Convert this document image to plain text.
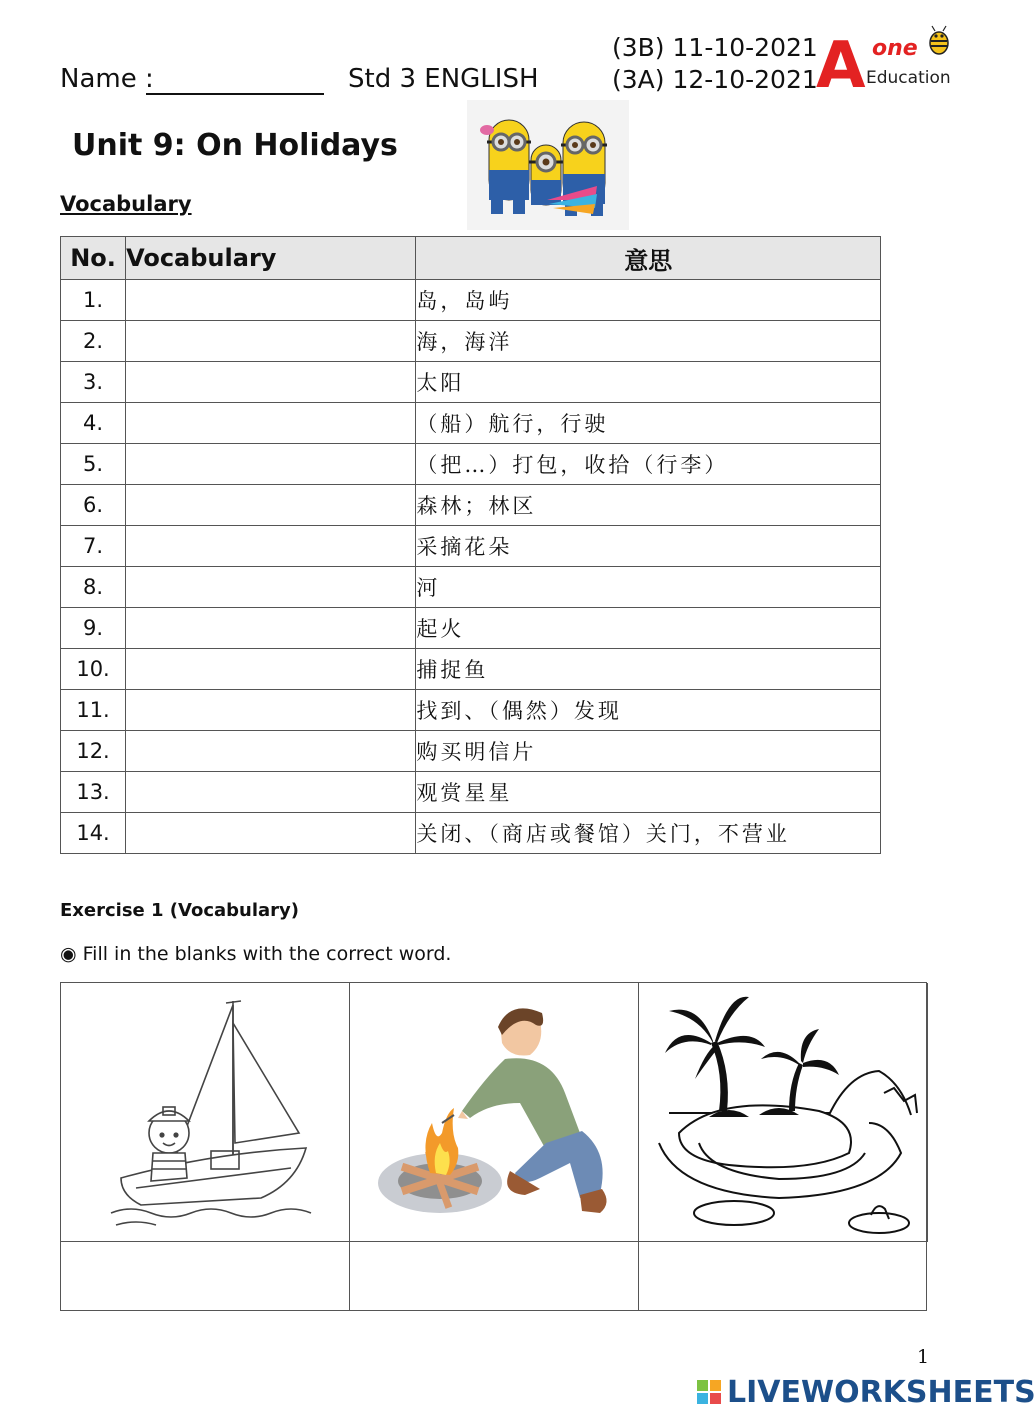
Name :	Std 3 ENGLISH
(3B) 11-10-2021
(3A) 12-10-2021
A one
Education
Unit 9: On Holidays
Vocabulary
No.	Vocabulary	意思
1.		岛，岛屿
2.		海，海洋
3.		太阳
4.		（船）航行，行驶
5.		（把…）打包，收拾（行李）
6.		森林；林区
7.		采摘花朵
8.		河
9.		起火
10.		捕捉鱼
11.		找到、（偶然）发现
12.		购买明信片
13.		观赏星星
14.		关闭、（商店或餐馆）关门，不营业
Exercise 1 (Vocabulary)
◉ Fill in the blanks with the correct word.
1
LIVEWORKSHEETS
